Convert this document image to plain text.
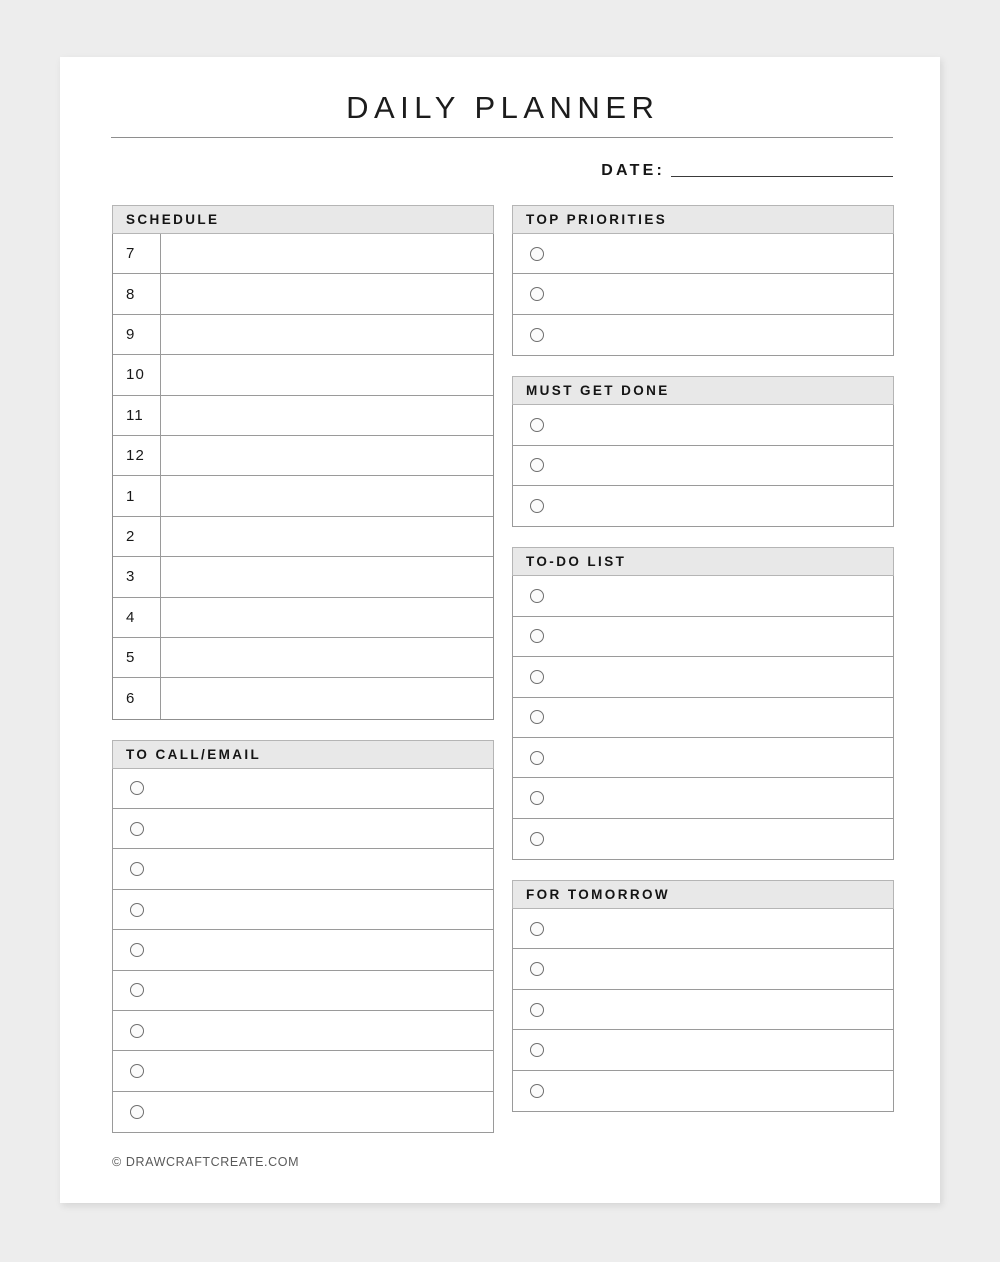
DAILY PLANNER
DATE:
SCHEDULE
7
8
9
10
11
12
1
2
3
4
5
6
TO CALL/EMAIL
TOP PRIORITIES
MUST GET DONE
TO-DO LIST
FOR TOMORROW
© DRAWCRAFTCREATE.COM
